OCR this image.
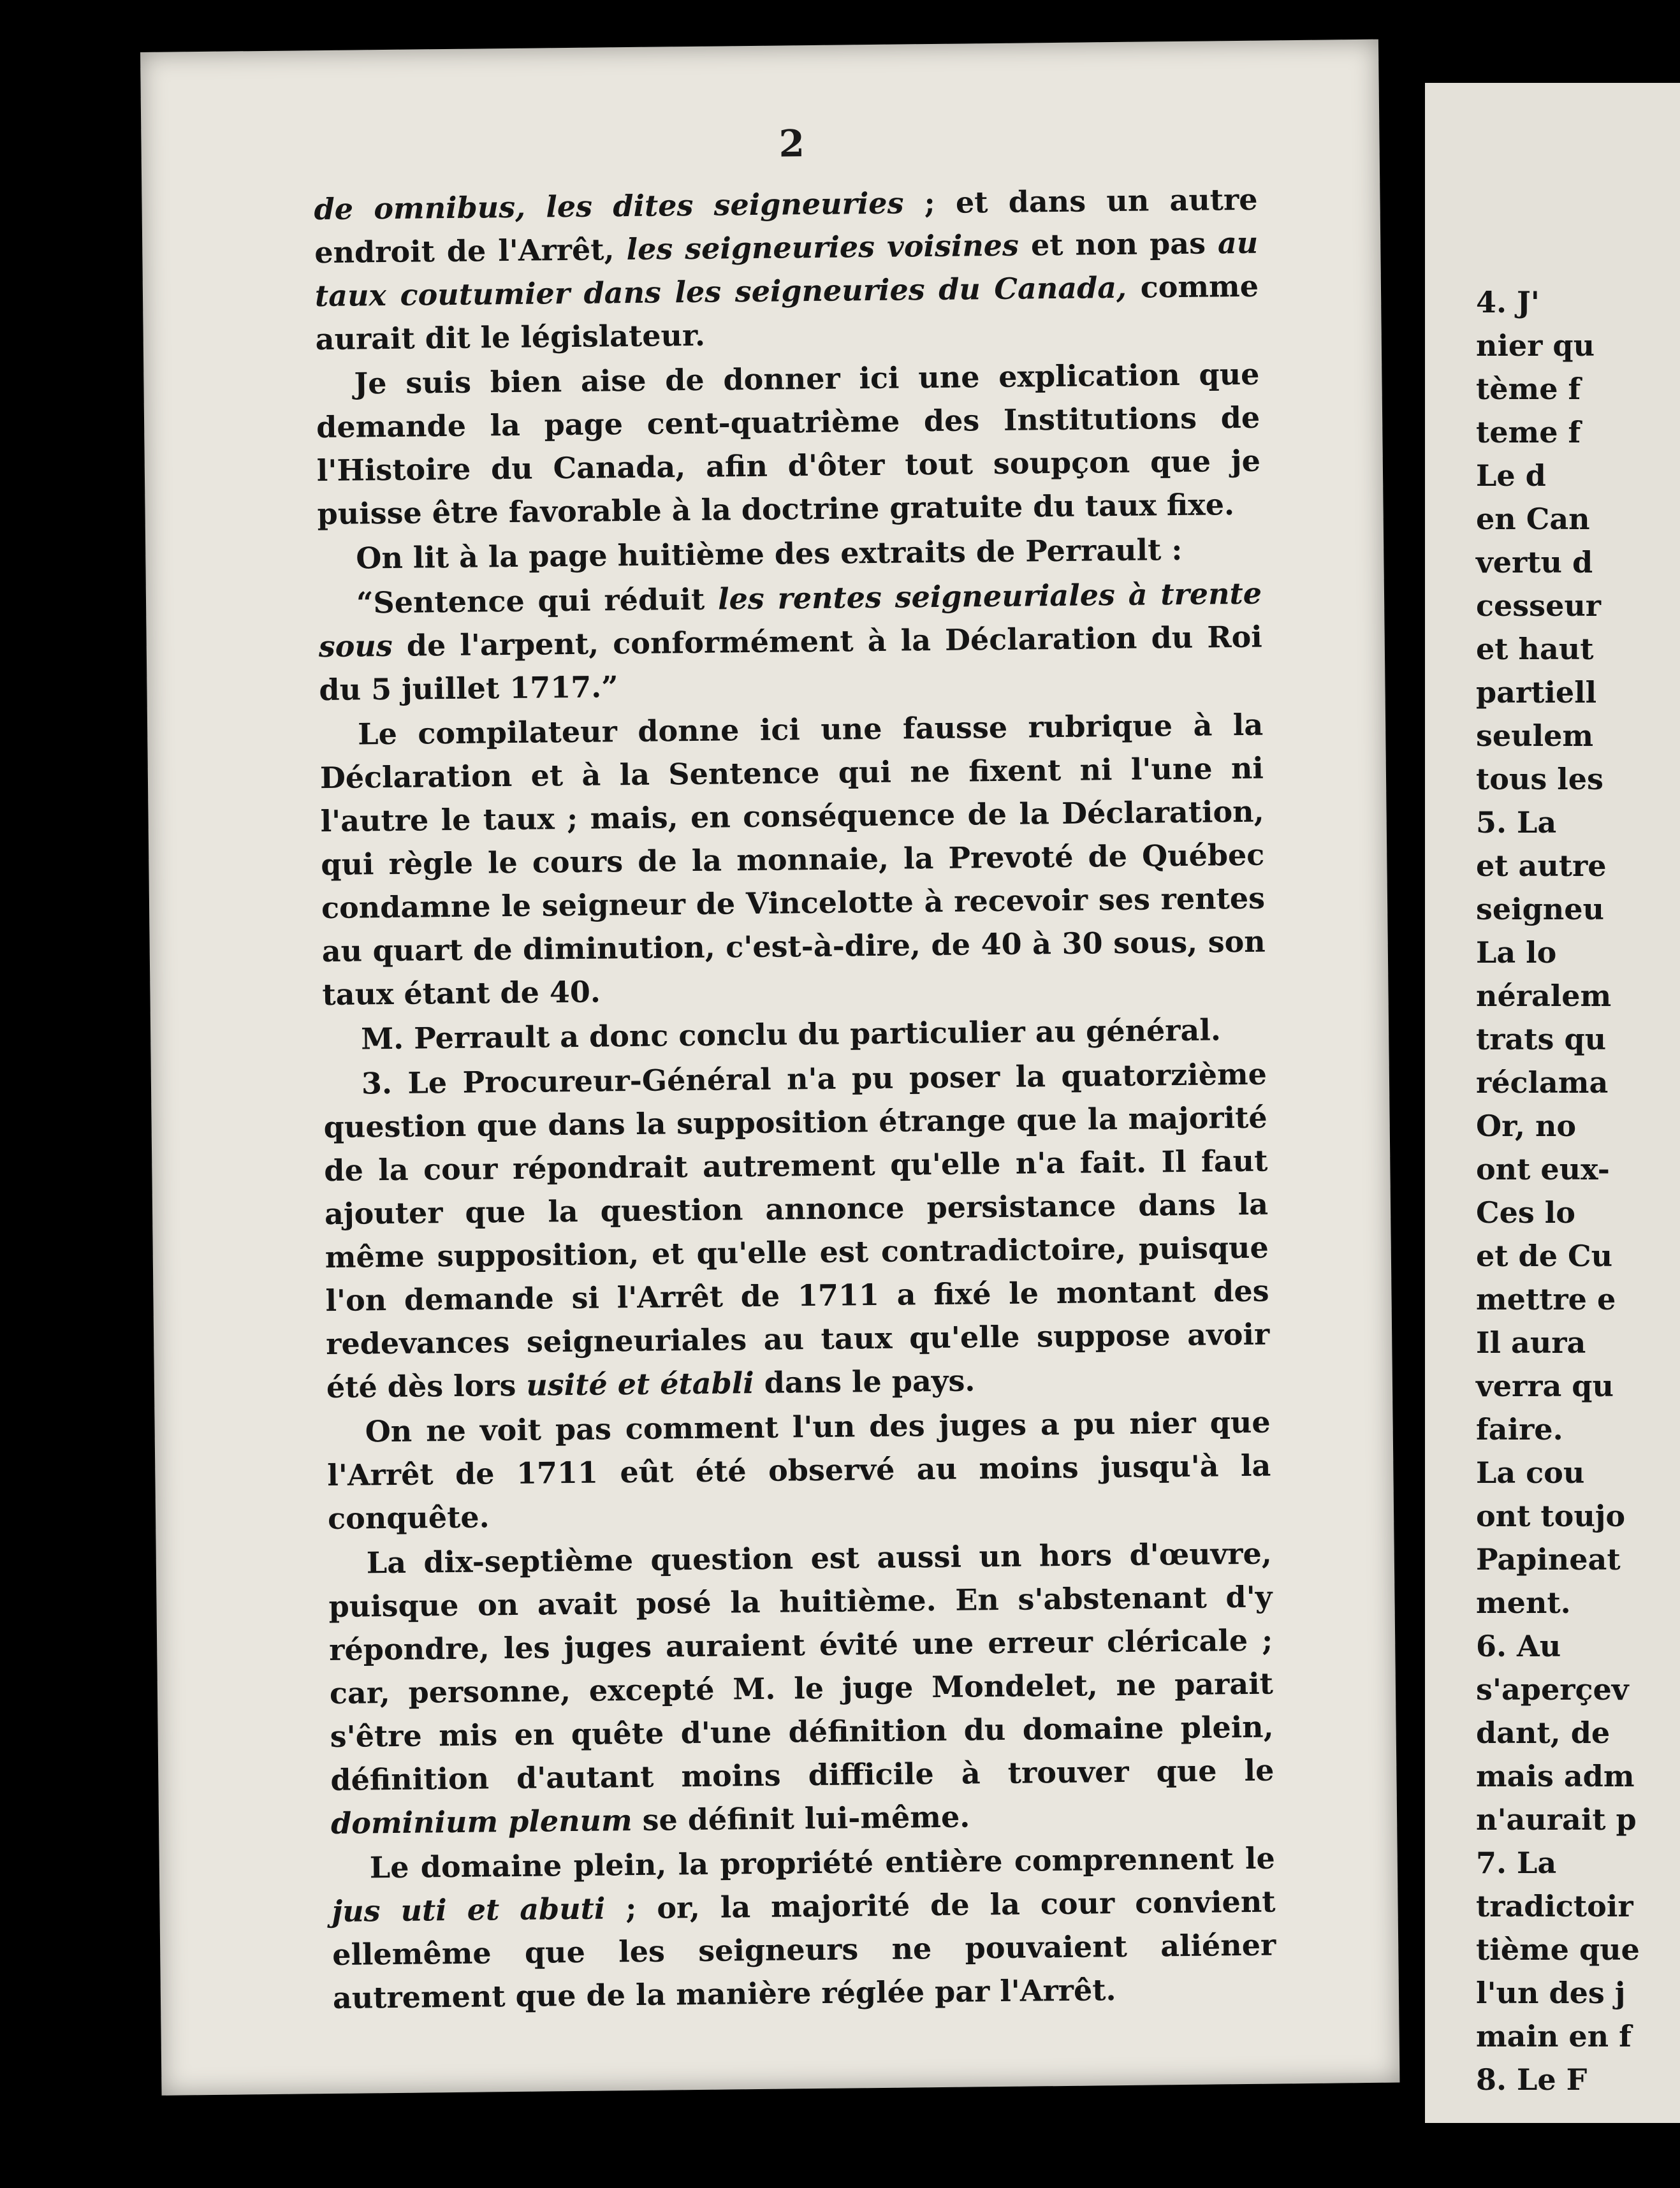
2

de omnibus, les dites seigneuries ; et dans un autre endroit de l'Arrêt, les seigneuries voisines et non pas au taux coutumier dans les seigneuries du Canada, comme aurait dit le législateur.

Je suis bien aise de donner ici une explication que demande la page cent-quatrième des Institutions de l'Histoire du Canada, afin d'ôter tout soupçon que je puisse être favorable à la doctrine gratuite du taux fixe.

On lit à la page huitième des extraits de Perrault :

“Sentence qui réduit les rentes seigneuriales à trente sous de l'arpent, conformément à la Déclaration du Roi du 5 juillet 1717.”

Le compilateur donne ici une fausse rubrique à la Déclaration et à la Sentence qui ne fixent ni l'une ni l'autre le taux ; mais, en conséquence de la Déclaration, qui règle le cours de la monnaie, la Prevoté de Québec condamne le seigneur de Vincelotte à recevoir ses rentes au quart de diminution, c'est-à-dire, de 40 à 30 sous, son taux étant de 40.

M. Perrault a donc conclu du particulier au général.

3. Le Procureur-Général n'a pu poser la quatorzième question que dans la supposition étrange que la majorité de la cour répondrait autrement qu'elle n'a fait. Il faut ajouter que la question annonce persistance dans la même supposition, et qu'elle est contradictoire, puisque l'on demande si l'Arrêt de 1711 a fixé le montant des redevances seigneuriales au taux qu'elle suppose avoir été dès lors usité et établi dans le pays.

On ne voit pas comment l'un des juges a pu nier que l'Arrêt de 1711 eût été observé au moins jusqu'à la conquête.

La dix-septième question est aussi un hors d'œuvre, puisque on avait posé la huitième. En s'abstenant d'y répondre, les juges auraient évité une erreur cléricale ; car, personne, excepté M. le juge Mondelet, ne parait s'être mis en quête d'une définition du domaine plein, définition d'autant moins difficile à trouver que le dominium plenum se définit lui-même.

Le domaine plein, la propriété entière comprennent le jus uti et abuti ; or, la majorité de la cour convient ellemême que les seigneurs ne pouvaient aliéner autrement que de la manière réglée par l'Arrêt.

4. J'
nier qu
tème f
teme f
Le d
en Can
vertu d
cesseur
et haut
partiell
seulem
tous les
5. La
et autre
seigneu
La lo
néralem
trats qu
réclama
Or, no
ont eux-
Ces lo
et de Cu
mettre e
Il aura
verra qu
faire.
La cou
ont toujo
Papineat
ment.
6. Au
s'aperçev
dant, de
mais adm
n'aurait p
7. La
tradictoir
tième que
l'un des j
main en f
8. Le F
